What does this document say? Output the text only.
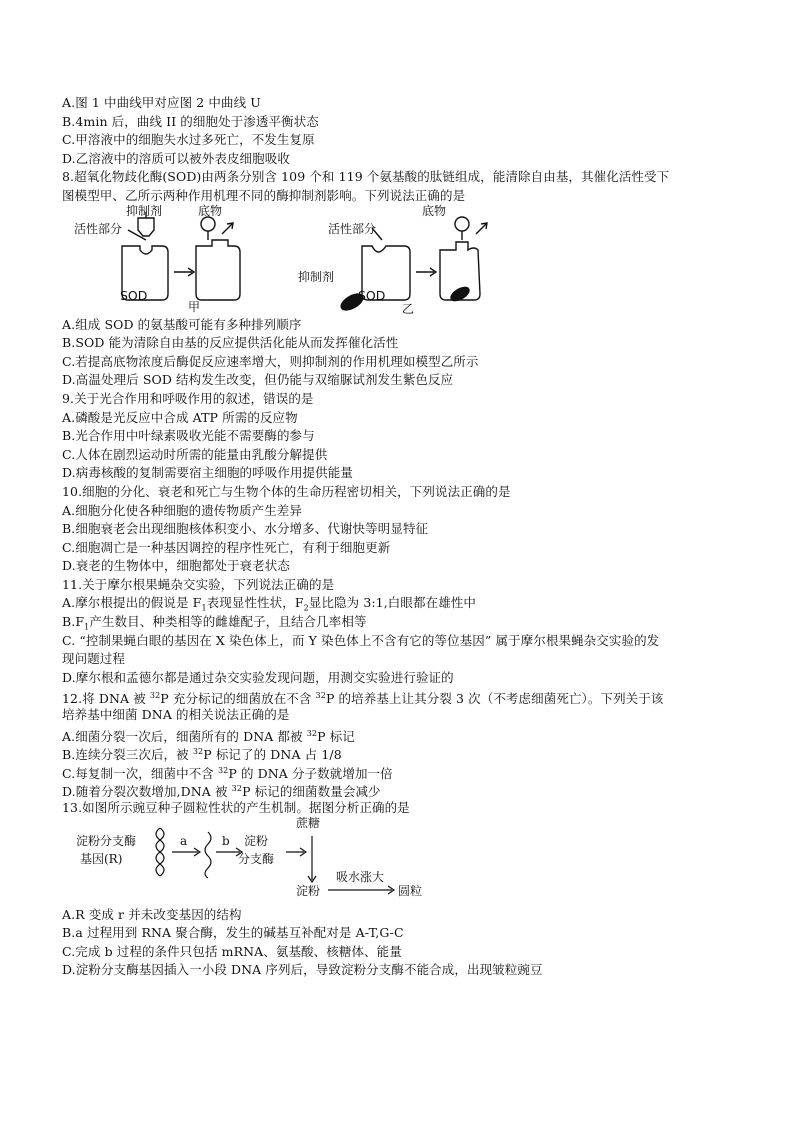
A.图 1 中曲线甲对应图 2 中曲线 U
B.4min 后，曲线 II 的细胞处于渗透平衡状态
C.甲溶液中的细胞失水过多死亡，不发生复原
D.乙溶液中的溶质可以被外表皮细胞吸收
8.超氧化物歧化酶(SOD)由两条分别含 109 个和 119 个氨基酸的肽链组成，能清除自由基，其催化活性受下
图模型甲、乙所示两种作用机理不同的酶抑制剂影响。下列说法正确的是
抑制剂	底物
活性部分
SOD
甲
活性部分
底物
抑制剂
SOD
乙
A.组成 SOD 的氨基酸可能有多种排列顺序
B.SOD 能为清除自由基的反应提供活化能从而发挥催化活性
C.若提高底物浓度后酶促反应速率增大，则抑制剂的作用机理如模型乙所示
D.高温处理后 SOD 结构发生改变，但仍能与双缩脲试剂发生紫色反应
9.关于光合作用和呼吸作用的叙述，错误的是
A.磷酸是光反应中合成 ATP 所需的反应物
B.光合作用中叶绿素吸收光能不需要酶的参与
C.人体在剧烈运动时所需的能量由乳酸分解提供
D.病毒核酸的复制需要宿主细胞的呼吸作用提供能量
10.细胞的分化、衰老和死亡与生物个体的生命历程密切相关，下列说法正确的是
A.细胞分化使各种细胞的遗传物质产生差异
B.细胞衰老会出现细胞核体积变小、水分增多、代谢快等明显特征
C.细胞凋亡是一种基因调控的程序性死亡，有利于细胞更新
D.衰老的生物体中，细胞都处于衰老状态
11.关于摩尔根果蝇杂交实验，下列说法正确的是
A.摩尔根提出的假说是 $F_1$表现显性性状，$F_2$显比隐为 3:1,白眼都在雄性中
$B.F_1$产生数目、种类相等的雌雄配子，且结合几率相等
C. “控制果蝇白眼的基因在 X 染色体上，而 Y 染色体上不含有它的等位基因” 属于摩尔根果蝇杂交实验的发
现问题过程
D.摩尔根和孟德尔都是通过杂交实验发现问题，用测交实验进行验证的
12.将 DNA 被 $^{32}$P 充分标记的细菌放在不含 $^{32}$P 的培养基上让其分裂 3 次（不考虑细菌死亡）。下列关于该
培养基中细菌 DNA 的相关说法正确的是
A.细菌分裂一次后，细菌所有的 DNA 都被 $^{32}$P 标记
B.连续分裂三次后，被 $^{32}$P 标记了的 DNA 占 1/8
C.每复制一次，细菌中不含 $^{32}$P 的 DNA 分子数就增加一倍
D.随着分裂次数增加,DNA 被 $^{32}$P 标记的细菌数量会减少
13.如图所示豌豆种子圆粒性状的产生机制。据图分析正确的是
淀粉分支酶
基因(R)
a	b 淀粉
分支酶
蔗糖
淀粉
吸水涨大
圆粒
A.R 变成 r 并未改变基因的结构
B.a 过程用到 RNA 聚合酶，发生的碱基互补配对是 A-T,G-C
C.完成 b 过程的条件只包括 mRNA、氨基酸、核糖体、能量
D.淀粉分支酶基因插入一小段 DNA 序列后，导致淀粉分支酶不能合成，出现皱粒豌豆
